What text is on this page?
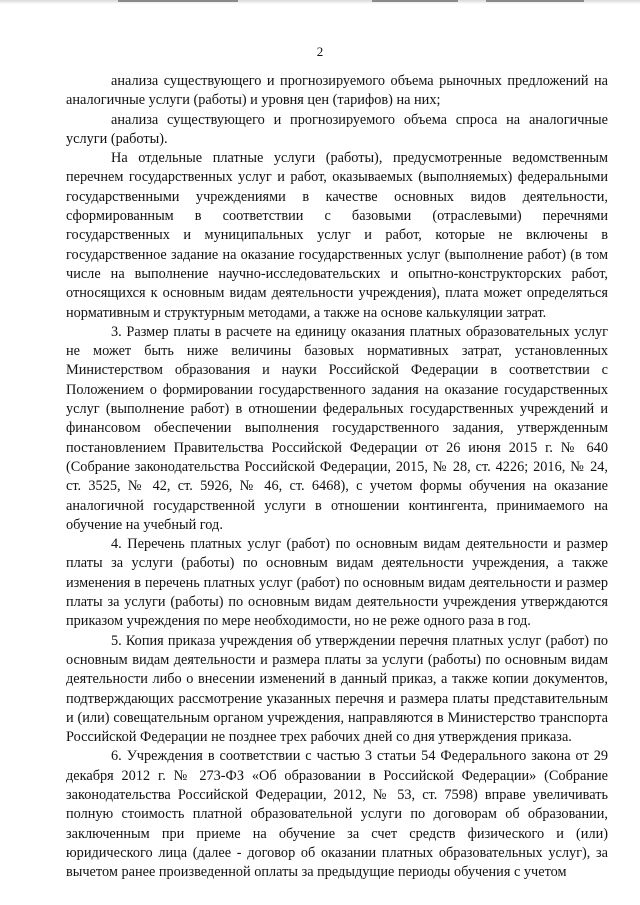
2

анализа существующего и прогнозируемого объема рыночных предложений на аналогичные услуги (работы) и уровня цен (тарифов) на них;

анализа существующего и прогнозируемого объема спроса на аналогичные услуги (работы).

На отдельные платные услуги (работы), предусмотренные ведомственным перечнем государственных услуг и работ, оказываемых (выполняемых) федеральными государственными учреждениями в качестве основных видов деятельности, сформированным в соответствии с базовыми (отраслевыми) перечнями государственных и муниципальных услуг и работ, которые не включены в государственное задание на оказание государственных услуг (выполнение работ) (в том числе на выполнение научно-исследовательских и опытно-конструкторских работ, относящихся к основным видам деятельности учреждения), плата может определяться нормативным и структурным методами, а также на основе калькуляции затрат.

3. Размер платы в расчете на единицу оказания платных образовательных услуг не может быть ниже величины базовых нормативных затрат, установленных Министерством образования и науки Российской Федерации в соответствии с Положением о формировании государственного задания на оказание государственных услуг (выполнение работ) в отношении федеральных государственных учреждений и финансовом обеспечении выполнения государственного задания, утвержденным постановлением Правительства Российской Федерации от 26 июня 2015 г. № 640 (Собрание законодательства Российской Федерации, 2015, № 28, ст. 4226; 2016, № 24, ст. 3525, № 42, ст. 5926, № 46, ст. 6468), с учетом формы обучения на оказание аналогичной государственной услуги в отношении контингента, принимаемого на обучение на учебный год.

4. Перечень платных услуг (работ) по основным видам деятельности и размер платы за услуги (работы) по основным видам деятельности учреждения, а также изменения в перечень платных услуг (работ) по основным видам деятельности и размер платы за услуги (работы) по основным видам деятельности учреждения утверждаются приказом учреждения по мере необходимости, но не реже одного раза в год.

5. Копия приказа учреждения об утверждении перечня платных услуг (работ) по основным видам деятельности и размера платы за услуги (работы) по основным видам деятельности либо о внесении изменений в данный приказ, а также копии документов, подтверждающих рассмотрение указанных перечня и размера платы представительным и (или) совещательным органом учреждения, направляются в Министерство транспорта Российской Федерации не позднее трех рабочих дней со дня утверждения приказа.

6. Учреждения в соответствии с частью 3 статьи 54 Федерального закона от 29 декабря 2012 г. № 273-ФЗ «Об образовании в Российской Федерации» (Собрание законодательства Российской Федерации, 2012, № 53, ст. 7598) вправе увеличивать полную стоимость платной образовательной услуги по договорам об образовании, заключенным при приеме на обучение за счет средств физического и (или) юридического лица (далее - договор об оказании платных образовательных услуг), за вычетом ранее произведенной оплаты за предыдущие периоды обучения с учетом
